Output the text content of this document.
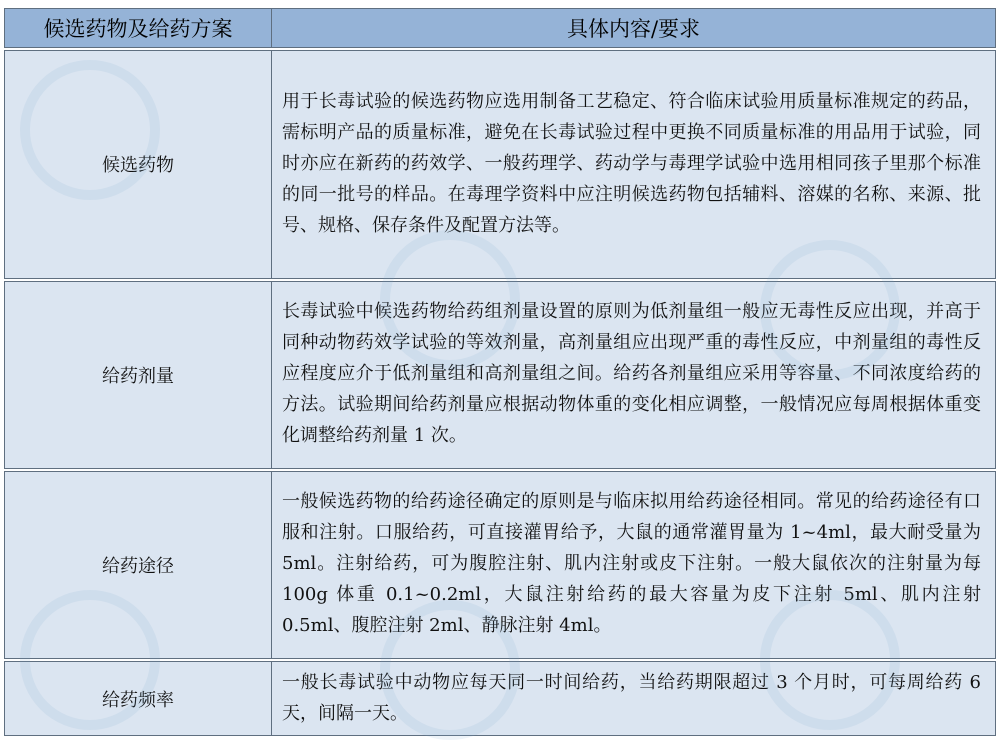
候选药物及给药方案	具体内容/要求
候选药物	用于长毒试验的候选药物应选用制备工艺稳定、符合临床试验用质量标准规定的药品，需标明产品的质量标准，避免在长毒试验过程中更换不同质量标准的用品用于试验，同时亦应在新药的药效学、一般药理学、药动学与毒理学试验中选用相同孩子里那个标准的同一批号的样品。在毒理学资料中应注明候选药物包括辅料、溶媒的名称、来源、批号、规格、保存条件及配置方法等。
给药剂量	长毒试验中候选药物给药组剂量设置的原则为低剂量组一般应无毒性反应出现，并高于同种动物药效学试验的等效剂量，高剂量组应出现严重的毒性反应，中剂量组的毒性反应程度应介于低剂量组和高剂量组之间。给药各剂量组应采用等容量、不同浓度给药的方法。试验期间给药剂量应根据动物体重的变化相应调整，一般情况应每周根据体重变化调整给药剂量 1 次。
给药途径	一般候选药物的给药途径确定的原则是与临床拟用给药途径相同。常见的给药途径有口服和注射。口服给药，可直接灌胃给予，大鼠的通常灌胃量为 1~4ml，最大耐受量为 5ml。注射给药，可为腹腔注射、肌内注射或皮下注射。一般大鼠依次的注射量为每 100g 体重 0.1~0.2ml，大鼠注射给药的最大容量为皮下注射 5ml、肌内注射 0.5ml、腹腔注射 2ml、静脉注射 4ml。
给药频率	一般长毒试验中动物应每天同一时间给药，当给药期限超过 3 个月时，可每周给药 6 天，间隔一天。
